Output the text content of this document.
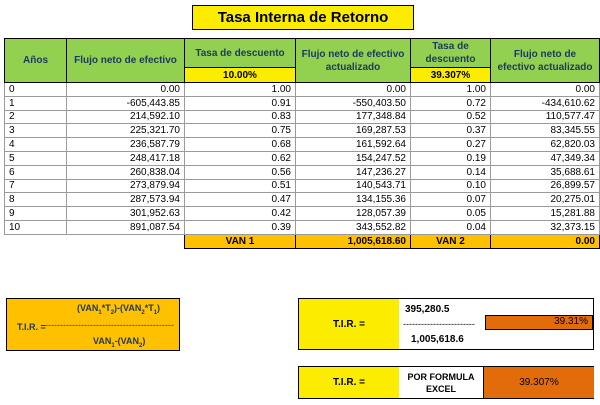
Tasa Interna de Retorno
Años	Flujo neto de efectivo	Tasa de descuento	Flujo neto de efectivo actualizado	Tasa de descuento	Flujo neto de efectivo actualizado
		10.00%		39.307%	
0	0.00	1.00	0.00	1.00	0.00
1	-605,443.85	0.91	-550,403.50	0.72	-434,610.62
2	214,592.10	0.83	177,348.84	0.52	110,577.47
3	225,321.70	0.75	169,287.53	0.37	83,345.55
4	236,587.79	0.68	161,592.64	0.27	62,820.03
5	248,417.18	0.62	154,247.52	0.19	47,349.34
6	260,838.04	0.56	147,236.27	0.14	35,688.61
7	273,879.94	0.51	140,543.71	0.10	26,899.57
8	287,573.94	0.47	134,155.36	0.07	20,275.01
9	301,952.63	0.42	128,057.39	0.05	15,281.88
10	891,087.54	0.39	343,552.82	0.04	32,373.15
		VAN 1	1,005,618.60	VAN 2	0.00
$(VAN_1*T_2)-(VAN_2*T_1)$
T.I.R. = -------------------------------------------
$VAN_1-(VAN_2)$
T.I.R. =
395,280.5
------------------------
1,005,618.6
39.31%
T.I.R. =
POR FORMULA EXCEL
39.307%
